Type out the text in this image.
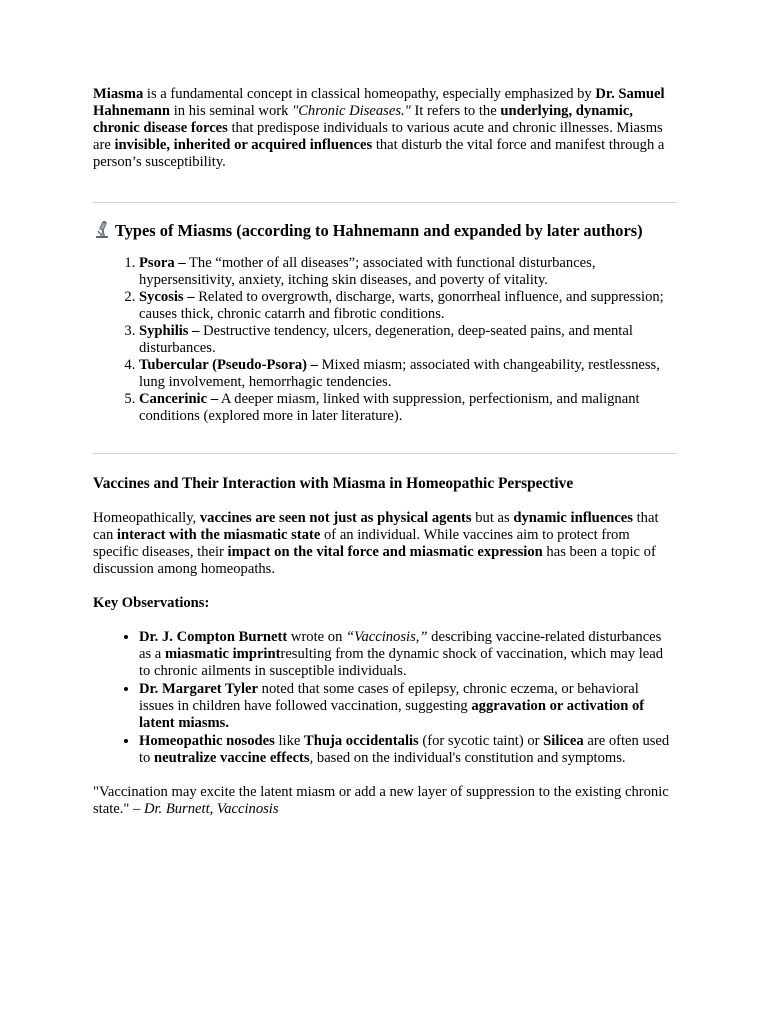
Miasma is a fundamental concept in classical homeopathy, especially emphasized by Dr. Samuel Hahnemann in his seminal work "Chronic Diseases." It refers to the underlying, dynamic, chronic disease forces that predispose individuals to various acute and chronic illnesses. Miasms are invisible, inherited or acquired influences that disturb the vital force and manifest through a person’s susceptibility.

Types of Miasms (according to Hahnemann and expanded by later authors)
1. Psora – The “mother of all diseases”; associated with functional disturbances, hypersensitivity, anxiety, itching skin diseases, and poverty of vitality.
2. Sycosis – Related to overgrowth, discharge, warts, gonorrheal influence, and suppression; causes thick, chronic catarrh and fibrotic conditions.
3. Syphilis – Destructive tendency, ulcers, degeneration, deep-seated pains, and mental disturbances.
4. Tubercular (Pseudo-Psora) – Mixed miasm; associated with changeability, restlessness, lung involvement, hemorrhagic tendencies.
5. Cancerinic – A deeper miasm, linked with suppression, perfectionism, and malignant conditions (explored more in later literature).
Vaccines and Their Interaction with Miasma in Homeopathic Perspective

Homeopathically, vaccines are seen not just as physical agents but as dynamic influences that can interact with the miasmatic state of an individual. While vaccines aim to protect from specific diseases, their impact on the vital force and miasmatic expression has been a topic of discussion among homeopaths.

Key Observations:

• Dr. J. Compton Burnett wrote on “Vaccinosis,” describing vaccine-related disturbances as a miasmatic imprintresulting from the dynamic shock of vaccination, which may lead to chronic ailments in susceptible individuals.
• Dr. Margaret Tyler noted that some cases of epilepsy, chronic eczema, or behavioral issues in children have followed vaccination, suggesting aggravation or activation of latent miasms.
• Homeopathic nosodes like Thuja occidentalis (for sycotic taint) or Silicea are often used to neutralize vaccine effects, based on the individual's constitution and symptoms.

"Vaccination may excite the latent miasm or add a new layer of suppression to the existing chronic state." – Dr. Burnett, Vaccinosis
